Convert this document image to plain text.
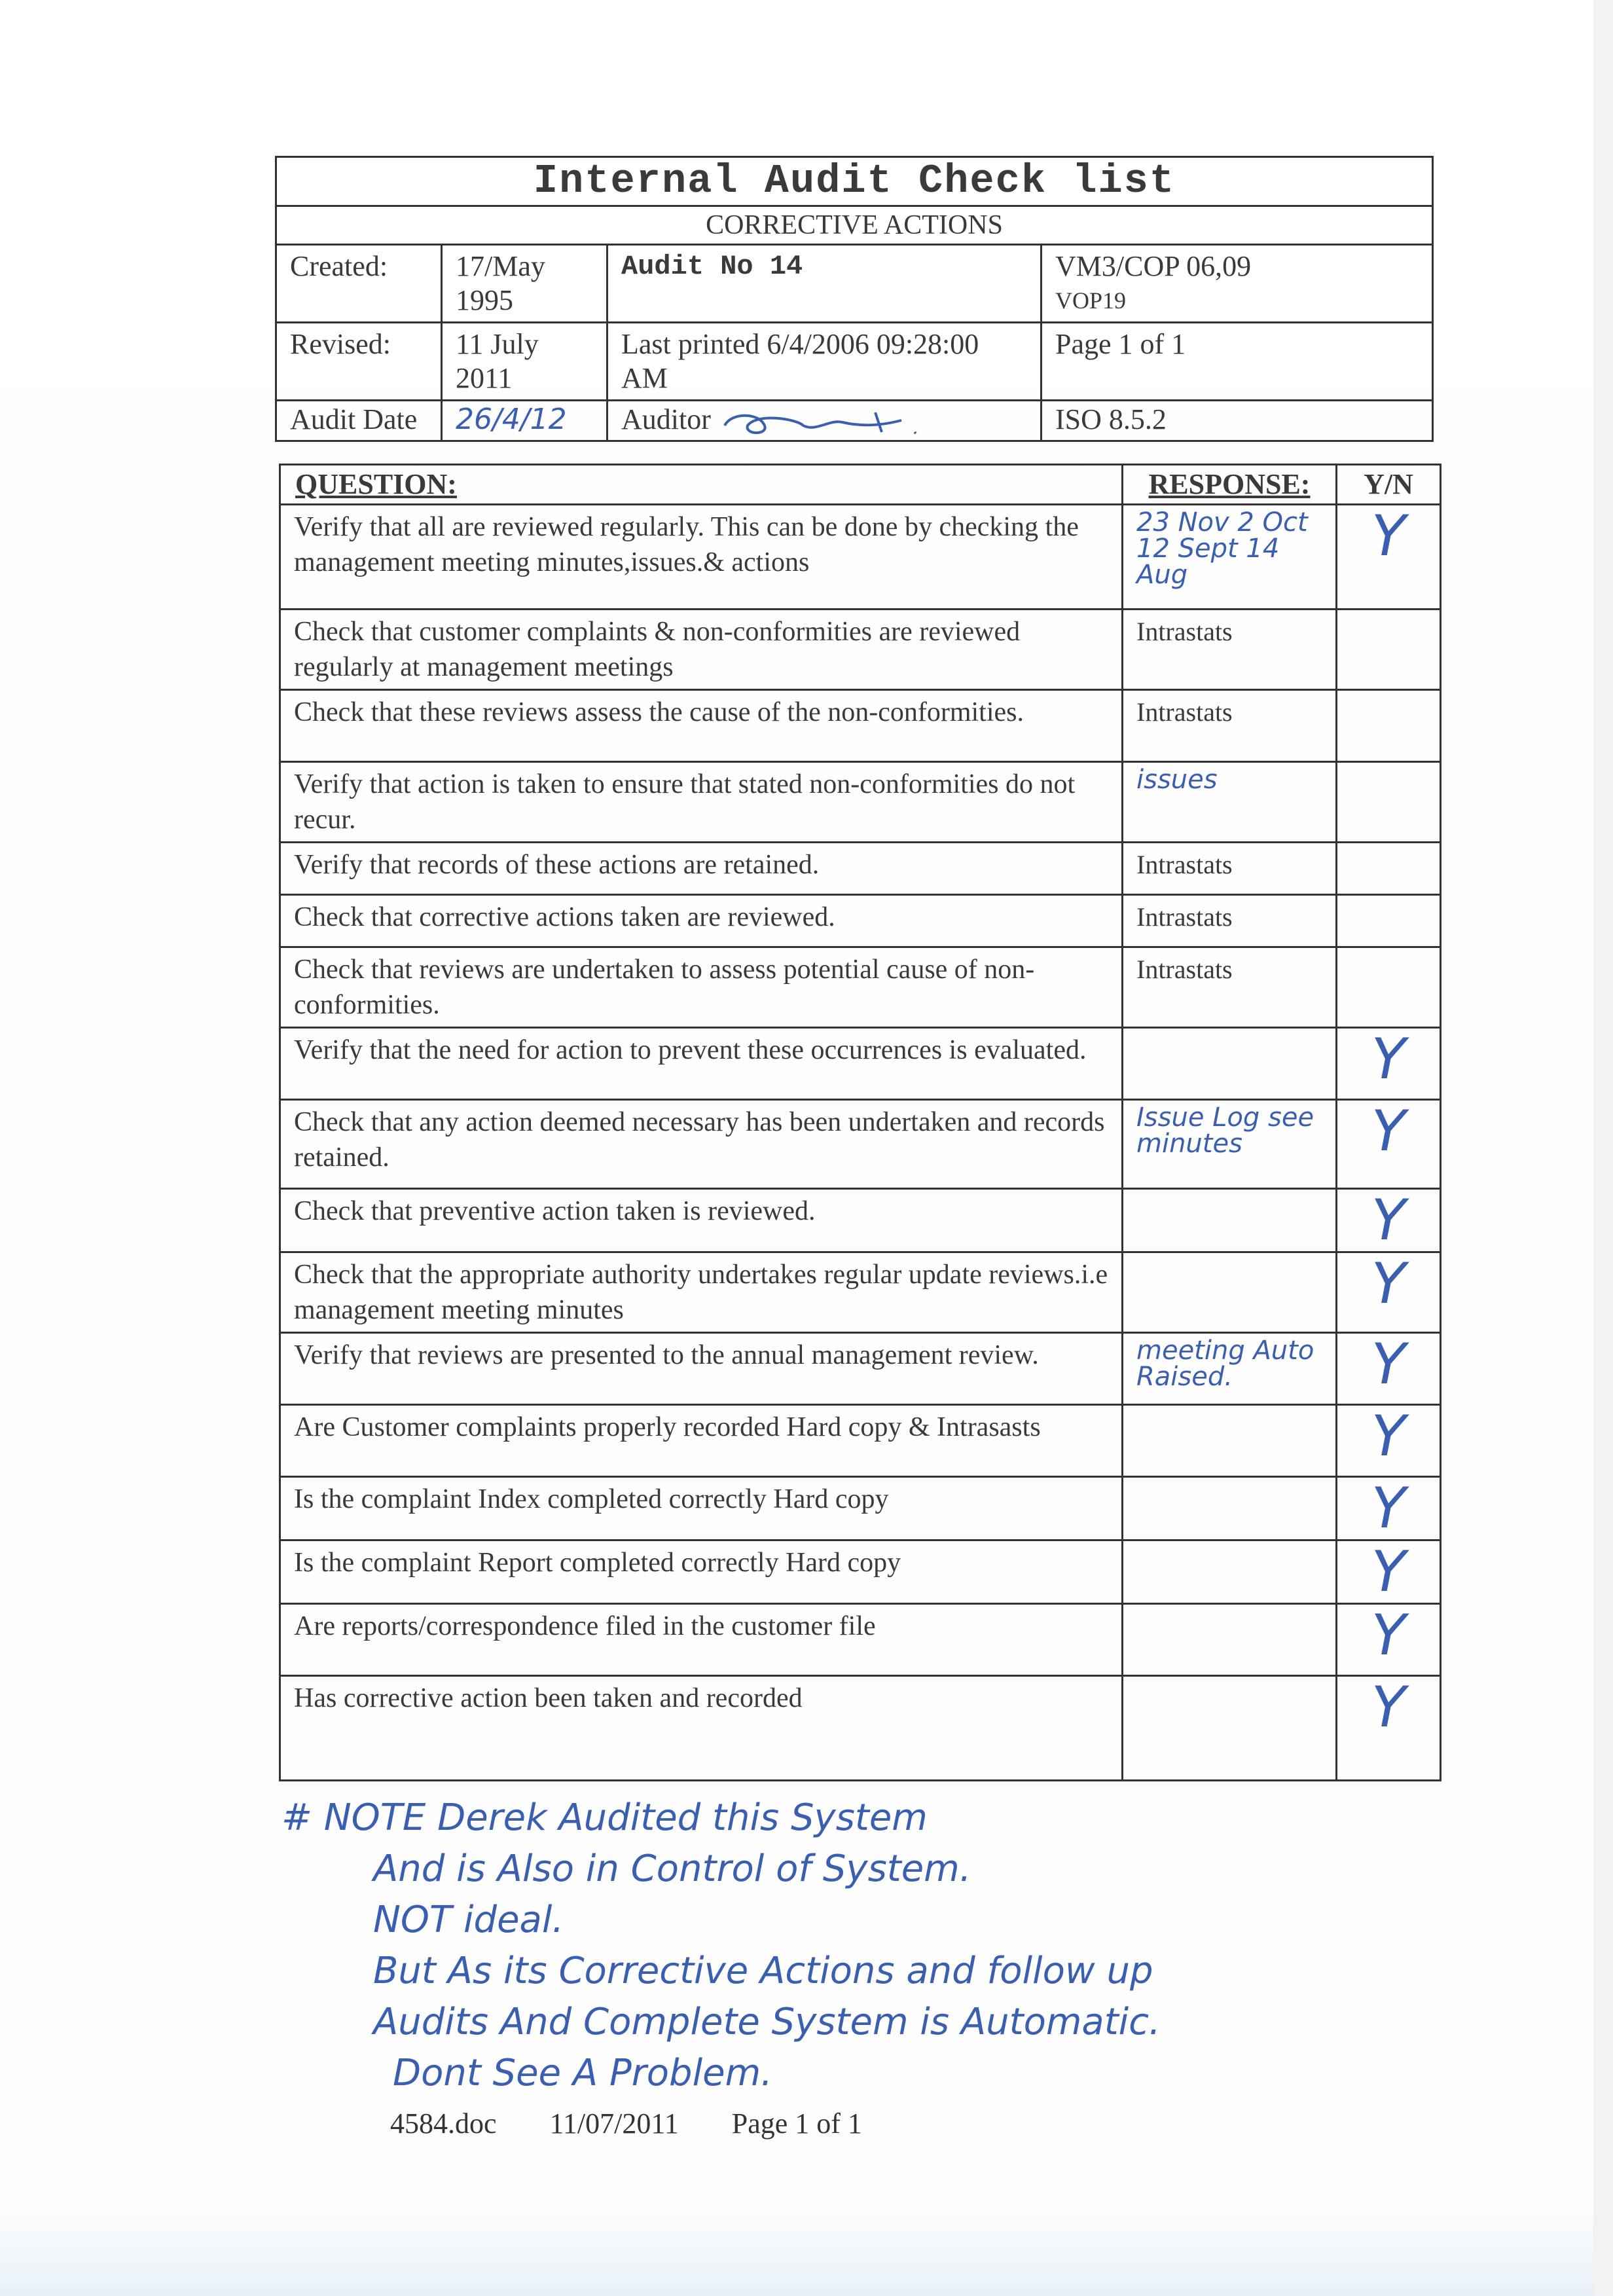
Internal Audit Check list			
CORRECTIVE ACTIONS			
Created:	17/May 1995	Audit No 14	VM3/COP 06,09
VOP19

Revised:	11 July 2011	Last printed 6/4/2006 09:28:00 AM	Page 1 of 1
Audit Date	26/4/12	Auditor	ISO 8.5.2
QUESTION:	RESPONSE:	Y/N
Verify that all are reviewed regularly. This can be done by checking the management meeting minutes,issues.& actions	23 Nov 2 Oct 12 Sept 14 Aug	Y
Check that customer complaints & non-conformities are reviewed regularly at management meetings	Intrastats	
Check that these reviews assess the cause of the non-conformities.	Intrastats	
Verify that action is taken to ensure that stated non-conformities do not recur.	issues	
Verify that records of these actions are retained.	Intrastats	
Check that corrective actions taken are reviewed.	Intrastats	
Check that reviews are undertaken to assess potential cause of non-conformities.	Intrastats	
Verify that the need for action to prevent these occurrences is evaluated.		Y
Check that any action deemed necessary has been undertaken and records retained.	Issue Log see minutes	Y
Check that preventive action taken is reviewed.		Y
Check that the appropriate authority undertakes regular update reviews.i.e management meeting minutes		Y
Verify that reviews are presented to the annual management review.	meeting Auto Raised.	Y
Are Customer complaints properly recorded Hard copy & Intrasasts		Y
Is the complaint Index completed correctly Hard copy		Y
Is the complaint Report completed correctly Hard copy		Y
Are reports/correspondence filed in the customer file		Y
Has corrective action been taken and recorded		Y
# NOTE Derek Audited this System
And is Also in Control of System.
NOT ideal.
But As its Corrective Actions and follow up
Audits And Complete System is Automatic.
Dont See A Problem.
4584.doc 11/07/2011 Page 1 of 1
